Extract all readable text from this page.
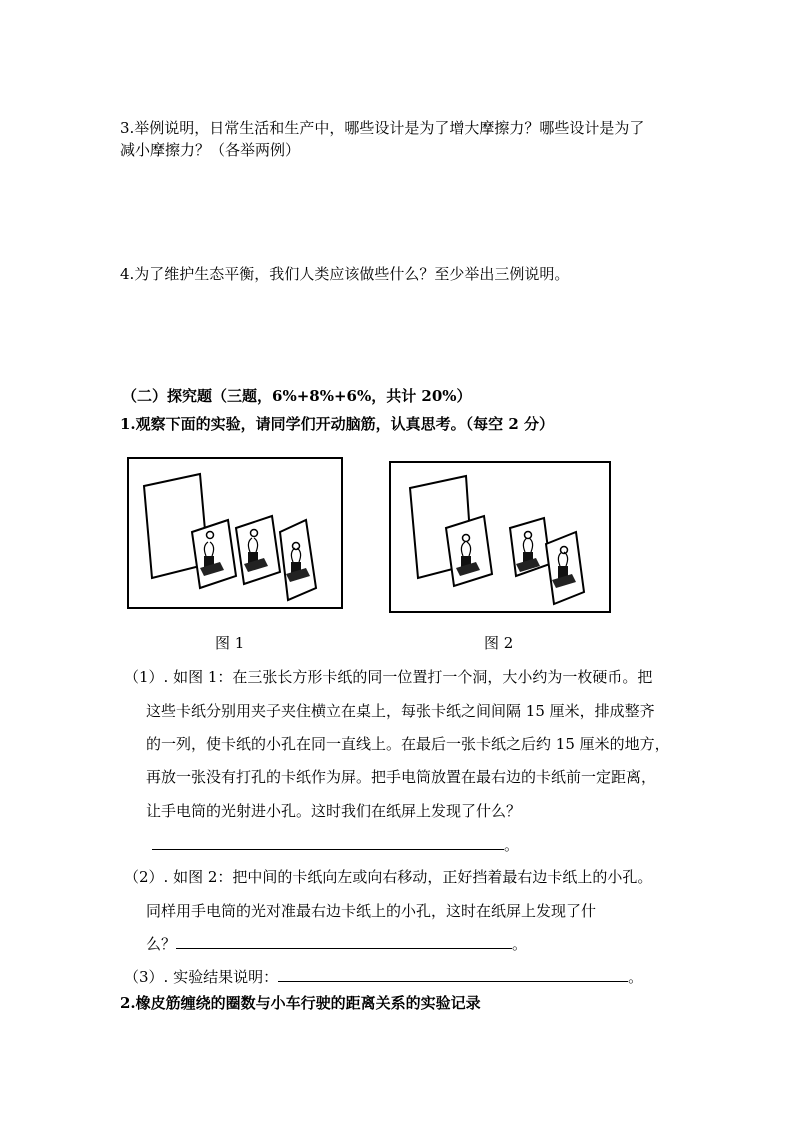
3.举例说明，日常生活和生产中，哪些设计是为了增大摩擦力？哪些设计是为了
减小摩擦力？（各举两例）
4.为了维护生态平衡，我们人类应该做些什么？至少举出三例说明。
（二）探究题（三题，6%+8%+6%，共计 20%）
1.观察下面的实验，请同学们开动脑筋，认真思考。（每空 2 分）
图 1	图 2
（1）. 如图 1：在三张长方形卡纸的同一位置打一个洞，大小约为一枚硬币。把
这些卡纸分别用夹子夹住横立在桌上，每张卡纸之间间隔 15 厘米，排成整齐
的一列，使卡纸的小孔在同一直线上。在最后一张卡纸之后约 15 厘米的地方，
再放一张没有打孔的卡纸作为屏。把手电筒放置在最右边的卡纸前一定距离，
让手电筒的光射进小孔。这时我们在纸屏上发现了什么？
。
（2）. 如图 2：把中间的卡纸向左或向右移动，正好挡着最右边卡纸上的小孔。
同样用手电筒的光对准最右边卡纸上的小孔，这时在纸屏上发现了什
么？	。
（3）. 实验结果说明：	。
2.橡皮筋缠绕的圈数与小车行驶的距离关系的实验记录
